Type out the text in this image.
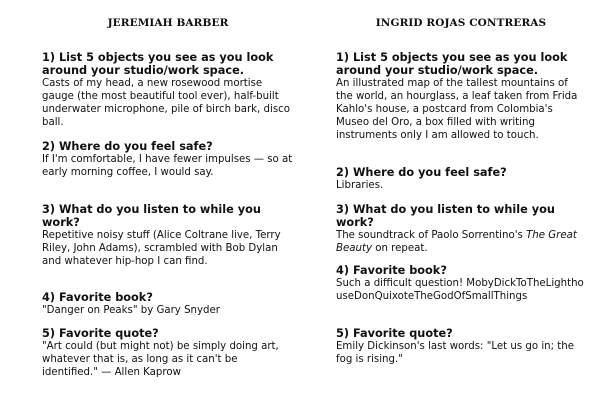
JEREMIAH BARBER

1) List 5 objects you see as you look around your studio/work space.

Casts of my head, a new rosewood mortise gauge (the most beautiful tool ever), half-built underwater microphone, pile of birch bark, disco ball.

2) Where do you feel safe?

If I'm comfortable, I have fewer impulses — so at early morning coffee, I would say.

3) What do you listen to while you work?

Repetitive noisy stuff (Alice Coltrane live, Terry Riley, John Adams), scrambled with Bob Dylan and whatever hip-hop I can find.

4) Favorite book?

"Danger on Peaks" by Gary Snyder

5) Favorite quote?

"Art could (but might not) be simply doing art, whatever that is, as long as it can't be identified." — Allen Kaprow

INGRID ROJAS CONTRERAS

1) List 5 objects you see as you look around your studio/work space.

An illustrated map of the tallest mountains of the world, an hourglass, a leaf taken from Frida Kahlo's house, a postcard from Colombia's Museo del Oro, a box filled with writing instruments only I am allowed to touch.

2) Where do you feel safe?

Libraries.

3) What do you listen to while you work?

The soundtrack of Paolo Sorrentino's The Great Beauty on repeat.

4) Favorite book?

Such a difficult question! MobyDickToTheLighthouseDonQuixoteTheGodOfSmallThings

5) Favorite quote?

Emily Dickinson's last words: "Let us go in; the fog is rising."
